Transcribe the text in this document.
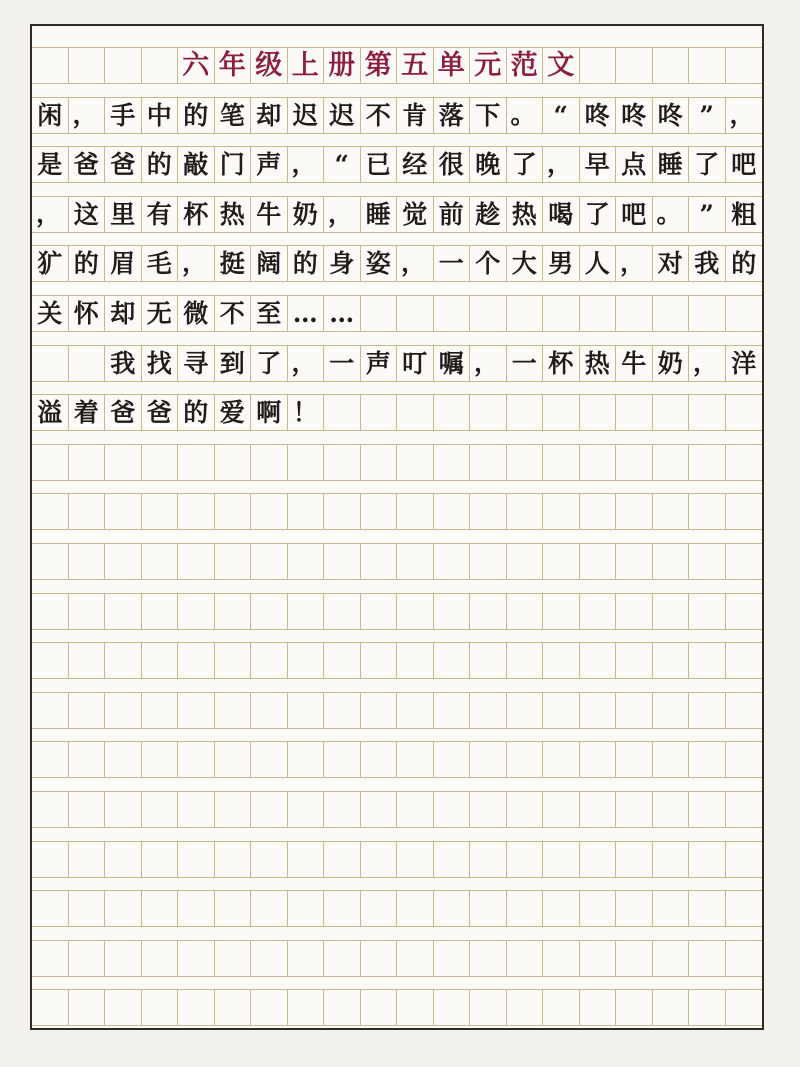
六 年 级 上 册 第 五 单 元 范 文
闲 ， 手 中 的 笔 却 迟 迟 不 肯 落 下 。 “ 咚 咚 咚 ” ，
是 爸 爸 的 敲 门 声 ， “ 已 经 很 晚 了 ， 早 点 睡 了 吧
， 这 里 有 杯 热 牛 奶 ， 睡 觉 前 趁 热 喝 了 吧 。 ” 粗
犷 的 眉 毛 ， 挺 阔 的 身 姿 ， 一 个 大 男 人 ， 对 我 的
关 怀 却 无 微 不 至 … …
我 找 寻 到 了 ， 一 声 叮 嘱 ， 一 杯 热 牛 奶 ， 洋
溢 着 爸 爸 的 爱 啊 ！
